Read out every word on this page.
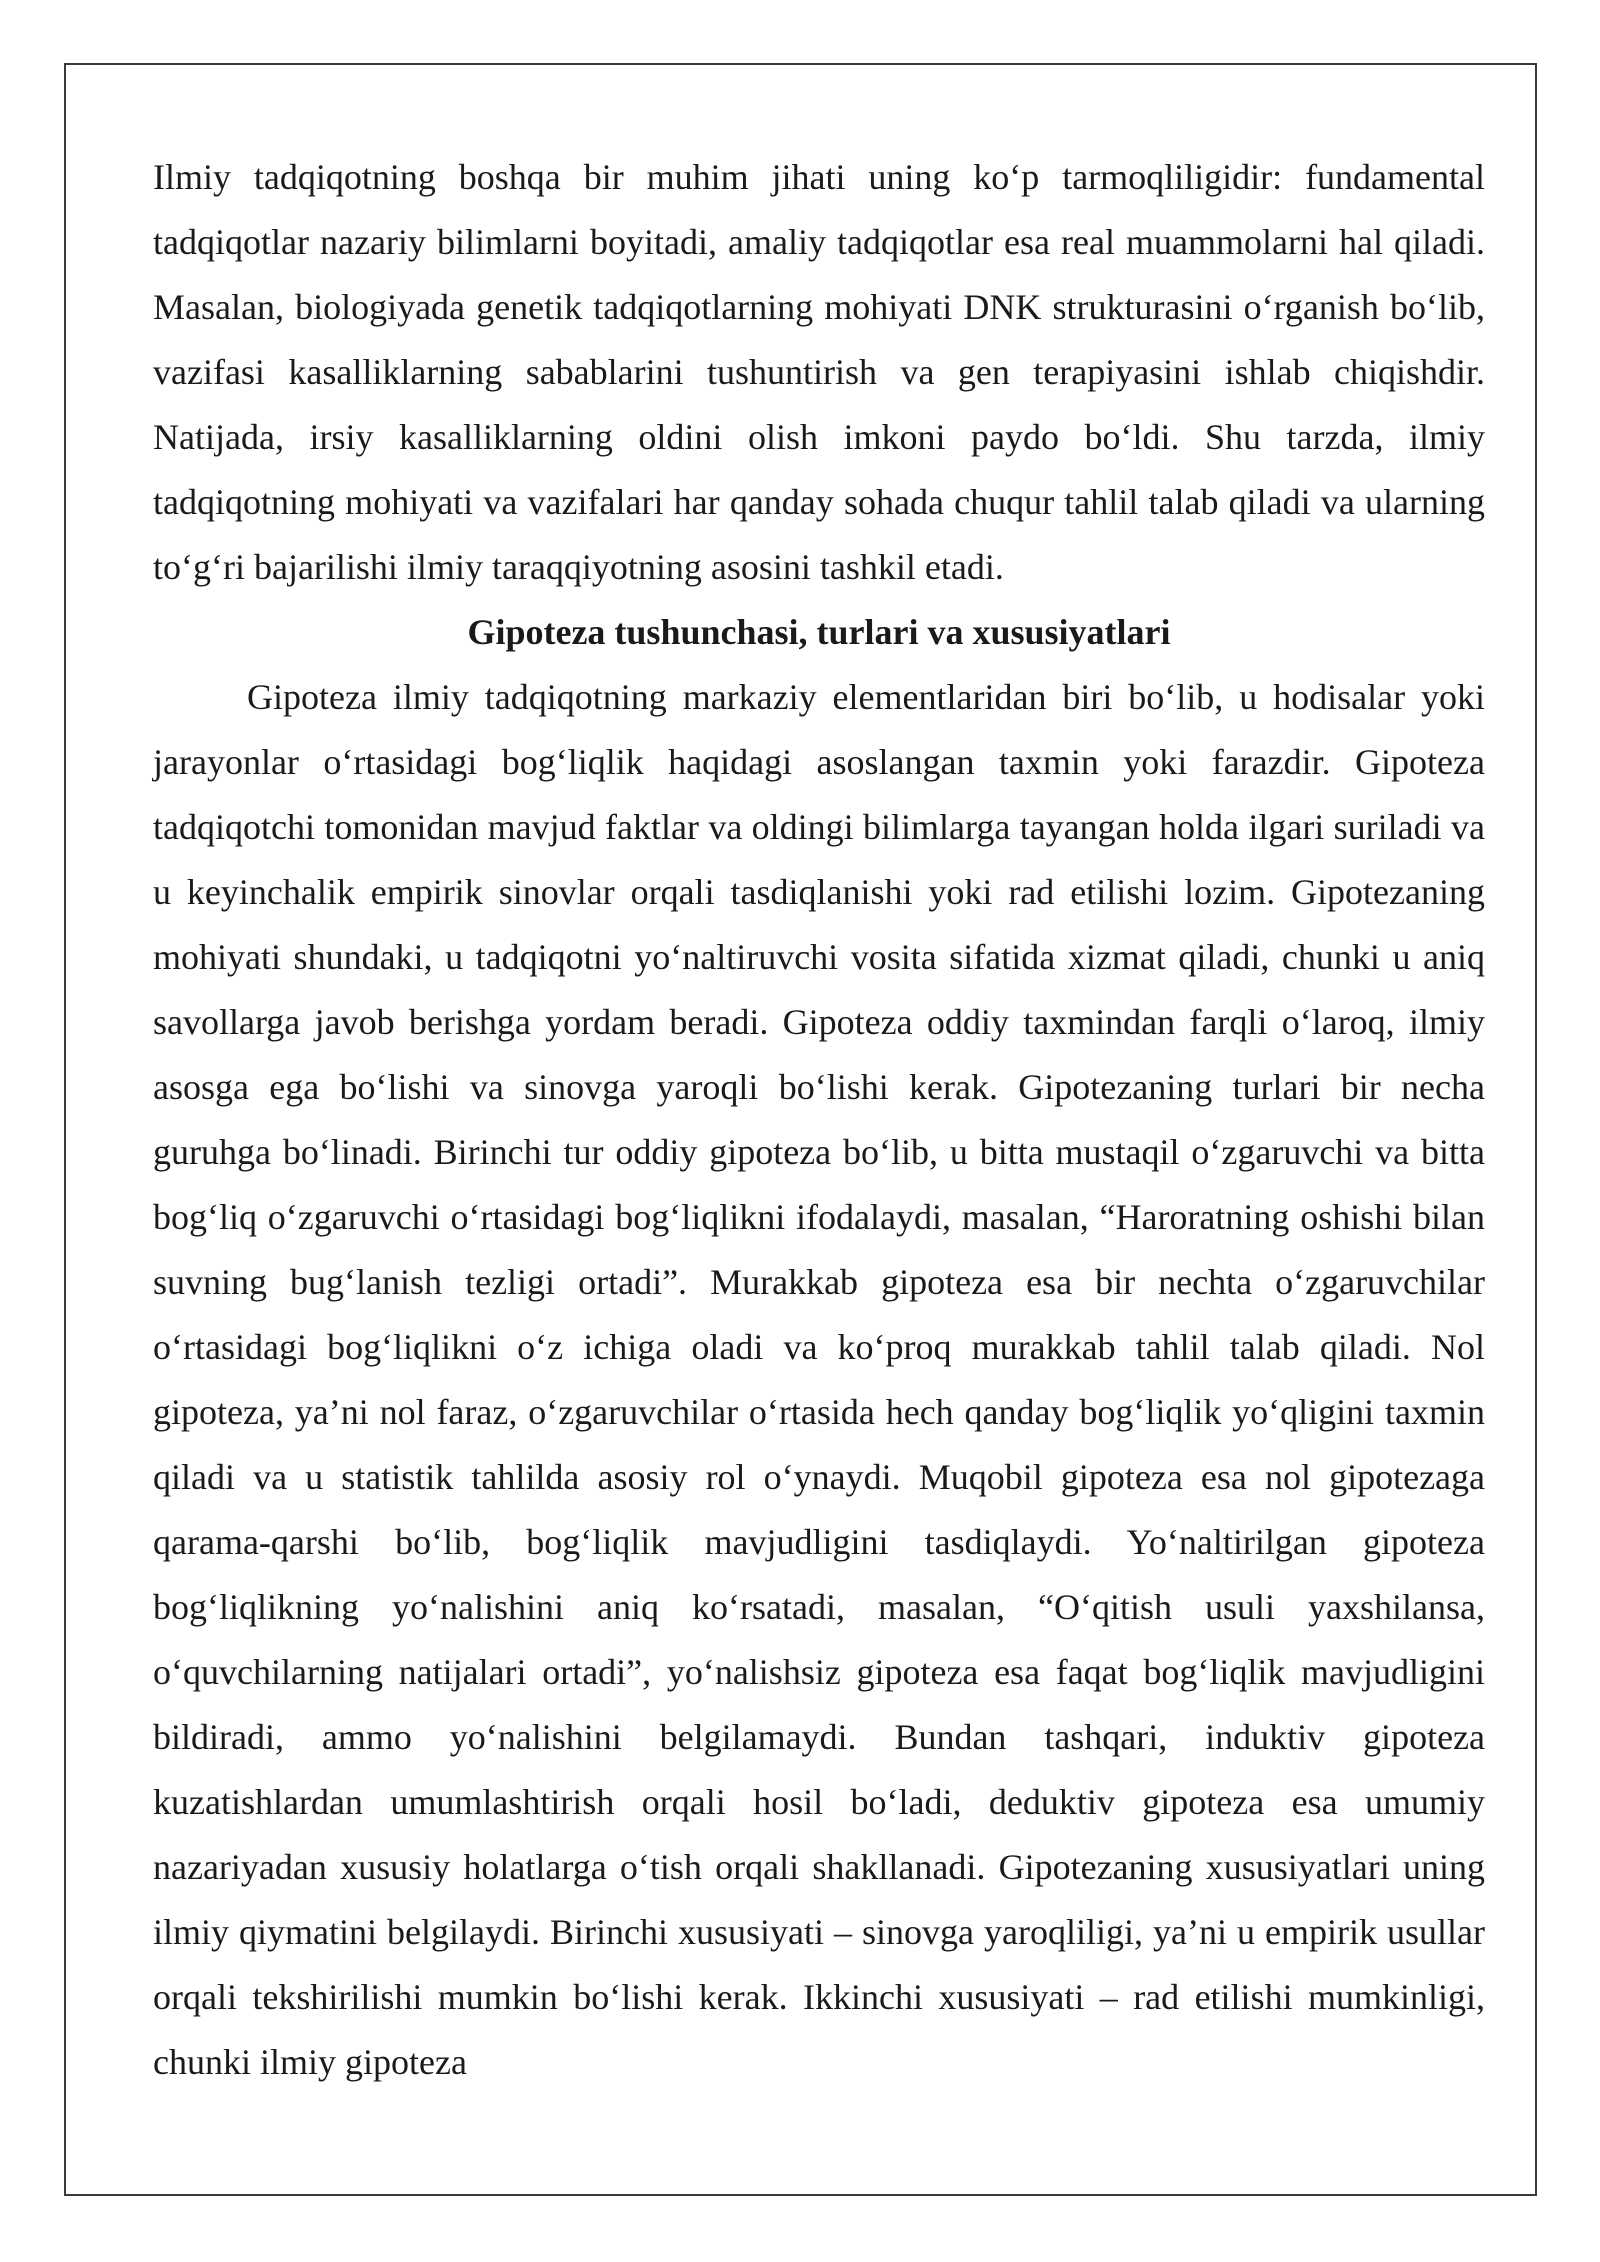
Ilmiy tadqiqotning boshqa bir muhim jihati uning ko‘p tarmoqliligidir: fundamental tadqiqotlar nazariy bilimlarni boyitadi, amaliy tadqiqotlar esa real muammolarni hal qiladi. Masalan, biologiyada genetik tadqiqotlarning mohiyati DNK strukturasini o‘rganish bo‘lib, vazifasi kasalliklarning sabablarini tushuntirish va gen terapiyasini ishlab chiqishdir. Natijada, irsiy kasalliklarning oldini olish imkoni paydo bo‘ldi. Shu tarzda, ilmiy tadqiqotning mohiyati va vazifalari har qanday sohada chuqur tahlil talab qiladi va ularning to‘g‘ri bajarilishi ilmiy taraqqiyotning asosini tashkil etadi.

Gipoteza tushunchasi, turlari va xususiyatlari

Gipoteza ilmiy tadqiqotning markaziy elementlaridan biri bo‘lib, u hodisalar yoki jarayonlar o‘rtasidagi bog‘liqlik haqidagi asoslangan taxmin yoki farazdir. Gipoteza tadqiqotchi tomonidan mavjud faktlar va oldingi bilimlarga tayangan holda ilgari suriladi va u keyinchalik empirik sinovlar orqali tasdiqlanishi yoki rad etilishi lozim. Gipotezaning mohiyati shundaki, u tadqiqotni yo‘naltiruvchi vosita sifatida xizmat qiladi, chunki u aniq savollarga javob berishga yordam beradi. Gipoteza oddiy taxmindan farqli o‘laroq, ilmiy asosga ega bo‘lishi va sinovga yaroqli bo‘lishi kerak. Gipotezaning turlari bir necha guruhga bo‘linadi. Birinchi tur oddiy gipoteza bo‘lib, u bitta mustaqil o‘zgaruvchi va bitta bog‘liq o‘zgaruvchi o‘rtasidagi bog‘liqlikni ifodalaydi, masalan, “Haroratning oshishi bilan suvning bug‘lanish tezligi ortadi”. Murakkab gipoteza esa bir nechta o‘zgaruvchilar o‘rtasidagi bog‘liqlikni o‘z ichiga oladi va ko‘proq murakkab tahlil talab qiladi. Nol gipoteza, ya’ni nol faraz, o‘zgaruvchilar o‘rtasida hech qanday bog‘liqlik yo‘qligini taxmin qiladi va u statistik tahlilda asosiy rol o‘ynaydi. Muqobil gipoteza esa nol gipotezaga qarama-qarshi bo‘lib, bog‘liqlik mavjudligini tasdiqlaydi. Yo‘naltirilgan gipoteza bog‘liqlikning yo‘nalishini aniq ko‘rsatadi, masalan, “O‘qitish usuli yaxshilansa, o‘quvchilarning natijalari ortadi”, yo‘nalishsiz gipoteza esa faqat bog‘liqlik mavjudligini bildiradi, ammo yo‘nalishini belgilamaydi. Bundan tashqari, induktiv gipoteza kuzatishlardan umumlashtirish orqali hosil bo‘ladi, deduktiv gipoteza esa umumiy nazariyadan xususiy holatlarga o‘tish orqali shakllanadi. Gipotezaning xususiyatlari uning ilmiy qiymatini belgilaydi. Birinchi xususiyati – sinovga yaroqliligi, ya’ni u empirik usullar orqali tekshirilishi mumkin bo‘lishi kerak. Ikkinchi xususiyati – rad etilishi mumkinligi, chunki ilmiy gipoteza
